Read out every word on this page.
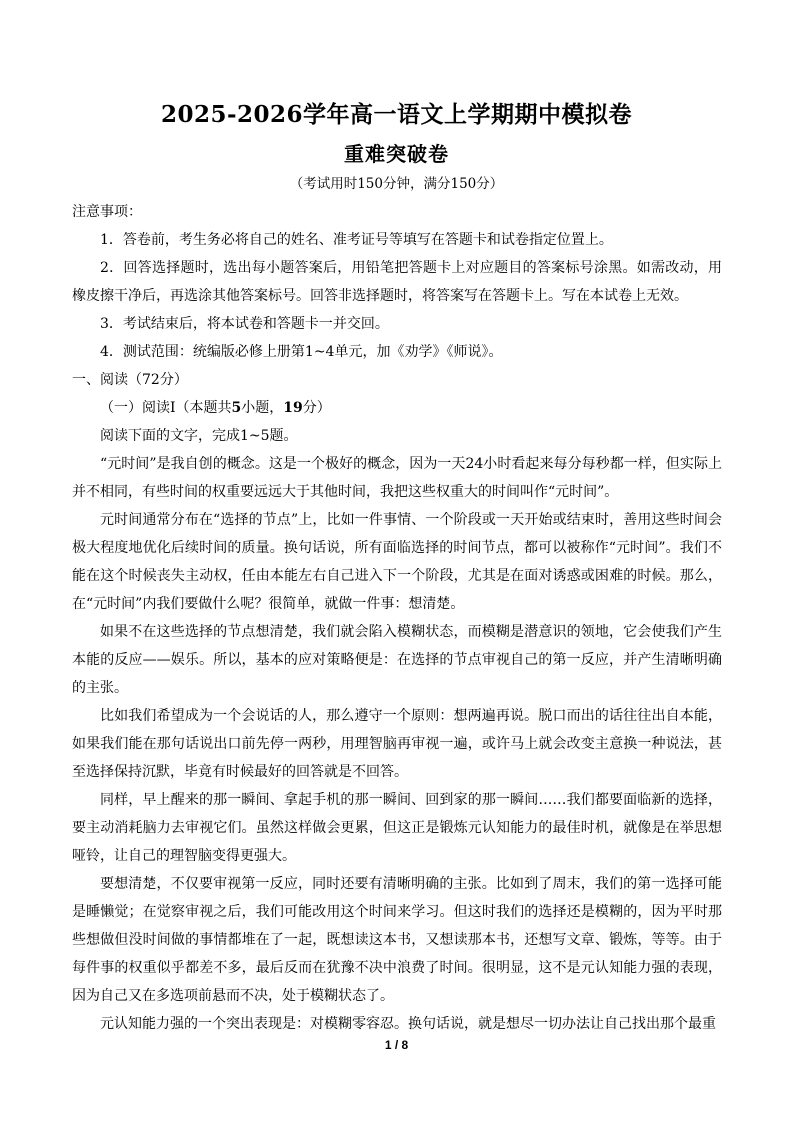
2025-2026学年高一语文上学期期中模拟卷
重难突破卷
（考试用时150分钟，满分150分）

注意事项：

1．答卷前，考生务必将自己的姓名、准考证号等填写在答题卡和试卷指定位置上。

2．回答选择题时，选出每小题答案后，用铅笔把答题卡上对应题目的答案标号涂黑。如需改动，用橡皮擦干净后，再选涂其他答案标号。回答非选择题时，将答案写在答题卡上。写在本试卷上无效。

3．考试结束后，将本试卷和答题卡一并交回。

4．测试范围：统编版必修上册第1~4单元，加《劝学》《师说》。

一、阅读（72分）

（一）阅读Ⅰ（本题共5小题，19分）

阅读下面的文字，完成1~5题。

“元时间”是我自创的概念。这是一个极好的概念，因为一天24小时看起来每分每秒都一样，但实际上并不相同，有些时间的权重要远远大于其他时间，我把这些权重大的时间叫作“元时间”。

元时间通常分布在“选择的节点”上，比如一件事情、一个阶段或一天开始或结束时，善用这些时间会极大程度地优化后续时间的质量。换句话说，所有面临选择的时间节点，都可以被称作“元时间”。我们不能在这个时候丧失主动权，任由本能左右自己进入下一个阶段，尤其是在面对诱惑或困难的时候。那么，在“元时间”内我们要做什么呢？很简单，就做一件事：想清楚。

如果不在这些选择的节点想清楚，我们就会陷入模糊状态，而模糊是潜意识的领地，它会使我们产生本能的反应——娱乐。所以，基本的应对策略便是：在选择的节点审视自己的第一反应，并产生清晰明确的主张。

比如我们希望成为一个会说话的人，那么遵守一个原则：想两遍再说。脱口而出的话往往出自本能，如果我们能在那句话说出口前先停一两秒，用理智脑再审视一遍，或许马上就会改变主意换一种说法，甚至选择保持沉默，毕竟有时候最好的回答就是不回答。

同样，早上醒来的那一瞬间、拿起手机的那一瞬间、回到家的那一瞬间……我们都要面临新的选择，要主动消耗脑力去审视它们。虽然这样做会更累，但这正是锻炼元认知能力的最佳时机，就像是在举思想哑铃，让自己的理智脑变得更强大。

要想清楚，不仅要审视第一反应，同时还要有清晰明确的主张。比如到了周末，我们的第一选择可能是睡懒觉；在觉察审视之后，我们可能改用这个时间来学习。但这时我们的选择还是模糊的，因为平时那些想做但没时间做的事情都堆在了一起，既想读这本书，又想读那本书，还想写文章、锻炼，等等。由于每件事的权重似乎都差不多，最后反而在犹豫不决中浪费了时间。很明显，这不是元认知能力强的表现，因为自己又在多选项前悬而不决，处于模糊状态了。

元认知能力强的一个突出表现是：对模糊零容忍。换句话说，就是想尽一切办法让自己找出那个最重

1 / 8
